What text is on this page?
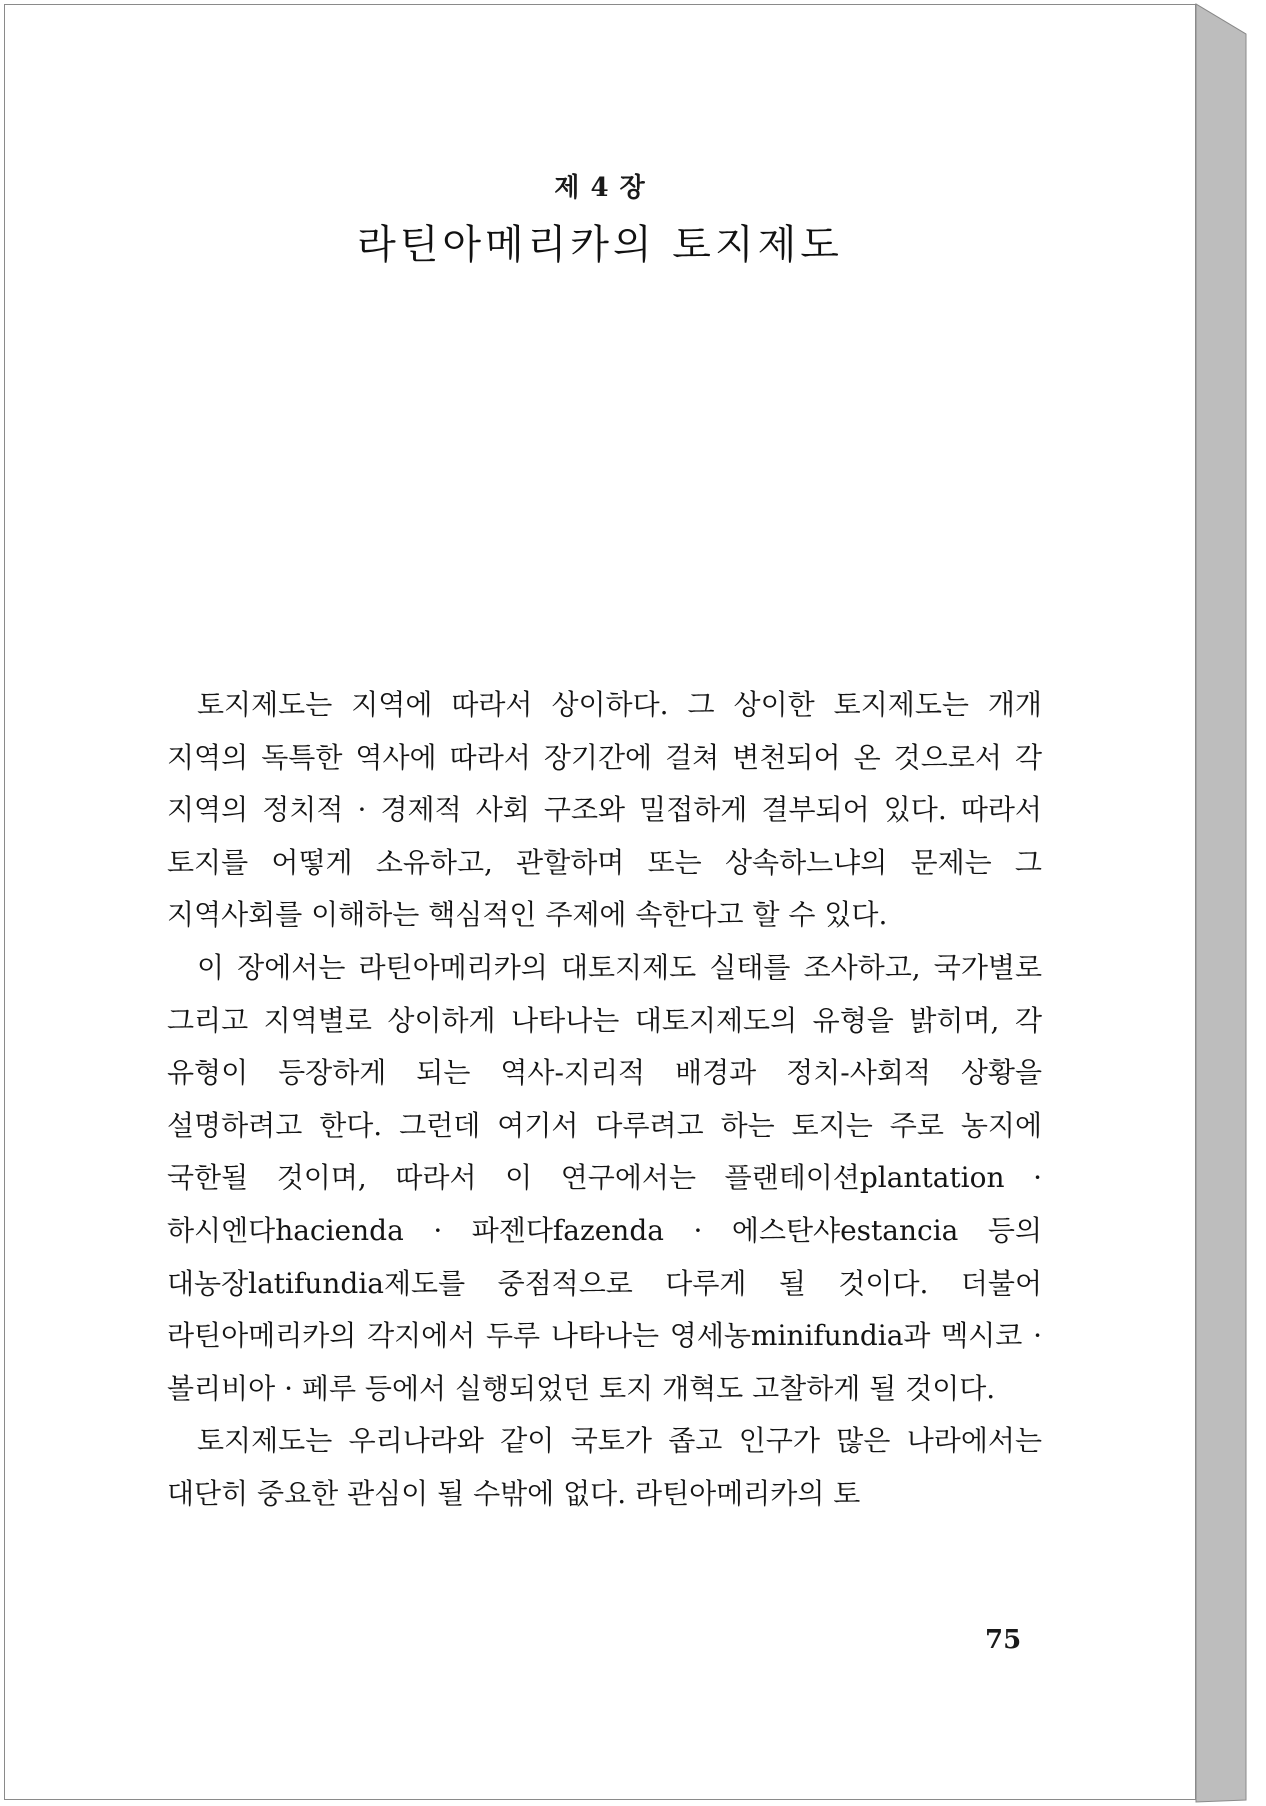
제 4 장
라틴아메리카의 토지제도

토지제도는 지역에 따라서 상이하다. 그 상이한 토지제도는 개개 지역의 독특한 역사에 따라서 장기간에 걸쳐 변천되어 온 것으로서 각 지역의 정치적 · 경제적 사회 구조와 밀접하게 결부되어 있다. 따라서 토지를 어떻게 소유하고, 관할하며 또는 상속하느냐의 문제는 그 지역사회를 이해하는 핵심적인 주제에 속한다고 할 수 있다.

이 장에서는 라틴아메리카의 대토지제도 실태를 조사하고, 국가별로 그리고 지역별로 상이하게 나타나는 대토지제도의 유형을 밝히며, 각 유형이 등장하게 되는 역사-지리적 배경과 정치-사회적 상황을 설명하려고 한다. 그런데 여기서 다루려고 하는 토지는 주로 농지에 국한될 것이며, 따라서 이 연구에서는 플랜테이션plantation · 하시엔다hacienda · 파젠다fazenda · 에스탄샤estancia 등의 대농장latifundia제도를 중점적으로 다루게 될 것이다. 더불어 라틴아메리카의 각지에서 두루 나타나는 영세농minifundia과 멕시코 · 볼리비아 · 페루 등에서 실행되었던 토지 개혁도 고찰하게 될 것이다.

토지제도는 우리나라와 같이 국토가 좁고 인구가 많은 나라에서는 대단히 중요한 관심이 될 수밖에 없다. 라틴아메리카의 토

75
